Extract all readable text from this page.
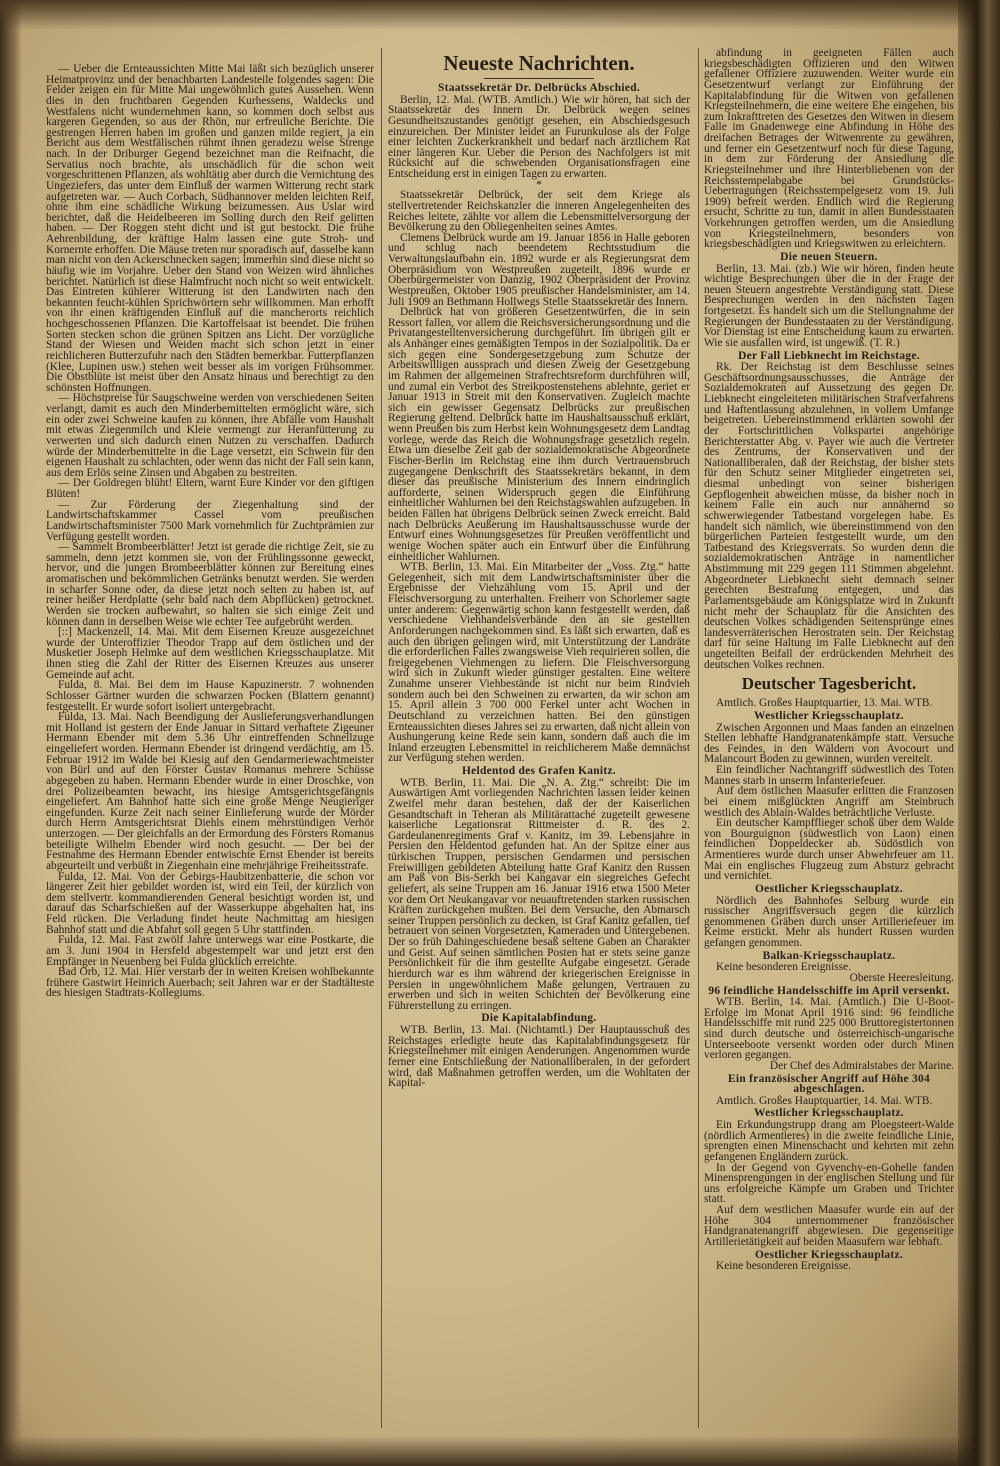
— Ueber die Ernteaussichten Mitte Mai läßt sich bezüglich unserer Heimatprovinz und der benachbarten Landesteile folgendes sagen: Die Felder zeigen ein für Mitte Mai ungewöhnlich gutes Aussehen. Wenn dies in den fruchtbaren Gegenden Kurhessens, Waldecks und Westfalens nicht wundernehmen kann, so kommen doch selbst aus kargeren Gegenden, so aus der Rhön, nur erfreuliche Berichte. Die gestrengen Herren haben im großen und ganzen milde regiert, ja ein Bericht aus dem Westfälischen rühmt ihnen geradezu weise Strenge nach. In der Driburger Gegend bezeichnet man die Reifnacht, die Servatius noch brachte, als unschädlich für die schon weit vorgeschrittenen Pflanzen, als wohltätig aber durch die Vernichtung des Ungeziefers, das unter dem Einfluß der warmen Witterung recht stark aufgetreten war. — Auch Corbach, Südhannover melden leichten Reif, ohne ihm eine schädliche Wirkung beizumessen. Aus Uslar wird berichtet, daß die Heidelbeeren im Solling durch den Reif gelitten haben. — Der Roggen steht dicht und ist gut bestockt. Die frühe Aehrenbildung, der kräftige Halm lassen eine gute Stroh- und Kornernte erhoffen. Die Mäuse treten nur sporadisch auf, dasselbe kann man nicht von den Ackerschnecken sagen; immerhin sind diese nicht so häufig wie im Vorjahre. Ueber den Stand von Weizen wird ähnliches berichtet. Natürlich ist diese Halmfrucht noch nicht so weit entwickelt. Das Eintreten kühlerer Witterung ist den Landwirten nach den bekannten feucht-kühlen Sprichwörtern sehr willkommen. Man erhofft von ihr einen kräftigenden Einfluß auf die mancherorts reichlich hochgeschossenen Pflanzen. Die Kartoffelsaat ist beendet. Die frühen Sorten stecken schon die grünen Spitzen ans Licht. Der vorzügliche Stand der Wiesen und Weiden macht sich schon jetzt in einer reichlicheren Butterzufuhr nach den Städten bemerkbar. Futterpflanzen (Klee, Lupinen usw.) stehen weit besser als im vorigen Frühsommer. Die Obstblüte ist meist über den Ansatz hinaus und berechtigt zu den schönsten Hoffnungen.

— Höchstpreise für Saugschweine werden von verschiedenen Seiten verlangt, damit es auch den Minderbemittelten ermöglicht wäre, sich ein oder zwei Schweine kaufen zu können, ihre Abfälle vom Haushalt mit etwas Ziegenmilch und Kleie vermengt zur Heranfütterung zu verwerten und sich dadurch einen Nutzen zu verschaffen. Dadurch würde der Minderbemittelte in die Lage versetzt, ein Schwein für den eigenen Haushalt zu schlachten, oder wenn das nicht der Fall sein kann, aus dem Erlös seine Zinsen und Abgaben zu bestreiten.

— Der Goldregen blüht! Eltern, warnt Eure Kinder vor den giftigen Blüten!

— Zur Förderung der Ziegenhaltung sind der Landwirtschaftskammer Cassel vom preußischen Landwirtschaftsminister 7500 Mark vornehmlich für Zuchtprämien zur Verfügung gestellt worden.

— Sammelt Brombeerblätter! Jetzt ist gerade die richtige Zeit, sie zu sammeln, denn jetzt kommen sie, von der Frühlingssonne geweckt, hervor, und die jungen Brombeerblätter können zur Bereitung eines aromatischen und bekömmlichen Getränks benutzt werden. Sie werden in scharfer Sonne oder, da diese jetzt noch selten zu haben ist, auf reiner heißer Herdplatte (sehr bald nach dem Abpflücken) getrocknet. Werden sie trocken aufbewahrt, so halten sie sich einige Zeit und können dann in derselben Weise wie echter Tee aufgebrüht werden.

[::] Mackenzell, 14. Mai. Mit dem Eisernen Kreuze ausgezeichnet wurde der Unteroffizier Theodor Trapp auf dem östlichen und der Musketier Joseph Helmke auf dem westlichen Kriegsschauplatze. Mit ihnen stieg die Zahl der Ritter des Eisernen Kreuzes aus unserer Gemeinde auf acht.

Fulda, 8. Mai. Bei dem im Hause Kapuzinerstr. 7 wohnenden Schlosser Gärtner wurden die schwarzen Pocken (Blattern genannt) festgestellt. Er wurde sofort isoliert untergebracht.

Fulda, 13. Mai. Nach Beendigung der Auslieferungsverhandlungen mit Holland ist gestern der Ende Januar in Sittard verhaftete Zigeuner Hermann Ebender mit dem 5.36 Uhr eintreffenden Schnellzuge eingeliefert worden. Hermann Ebender ist dringend verdächtig, am 15. Februar 1912 im Walde bei Kiesig auf den Gendarmeriewachtmeister von Bürl und auf den Förster Gustav Romanus mehrere Schüsse abgegeben zu haben. Hermann Ebender wurde in einer Droschke, von drei Polizeibeamten bewacht, ins hiesige Amtsgerichtsgefängnis eingeliefert. Am Bahnhof hatte sich eine große Menge Neugieriger eingefunden. Kurze Zeit nach seiner Einlieferung wurde der Mörder durch Herrn Amtsgerichtsrat Diehls einem mehrstündigen Verhör unterzogen. — Der gleichfalls an der Ermordung des Försters Romanus beteiligte Wilhelm Ebender wird noch gesucht. — Der bei der Festnahme des Hermann Ebender entwischte Ernst Ebender ist bereits abgeurteilt und verbüßt in Ziegenhain eine mehrjährige Freiheitsstrafe.

Fulda, 12. Mai. Von der Gebirgs-Haubitzenbatterie, die schon vor längerer Zeit hier gebildet worden ist, wird ein Teil, der kürzlich von dem stellvertr. kommandierenden General besichtigt worden ist, und darauf das Scharfschießen auf der Wasserkuppe abgehalten hat, ins Feld rücken. Die Verladung findet heute Nachmittag am hiesigen Bahnhof statt und die Abfahrt soll gegen 5 Uhr stattfinden.

Fulda, 12. Mai. Fast zwölf Jahre unterwegs war eine Postkarte, die am 3. Juni 1904 in Hersfeld abgestempelt war und jetzt erst den Empfänger in Neuenberg bei Fulda glücklich erreichte.

Bad Orb, 12. Mai. Hier verstarb der in weiten Kreisen wohlbekannte frühere Gastwirt Heinrich Auerbach; seit Jahren war er der Stadtälteste des hiesigen Stadtrats-Kollegiums.

Neueste Nachrichten.

Staatssekretär Dr. Delbrücks Abschied.

Berlin, 12. Mai. (WTB. Amtlich.) Wie wir hören, hat sich der Staatssekretär des Innern Dr. Delbrück wegen seines Gesundheitszustandes genötigt gesehen, ein Abschiedsgesuch einzureichen. Der Minister leidet an Furunkulose als der Folge einer leichten Zuckerkrankheit und bedarf nach ärztlichem Rat einer längeren Kur. Ueber die Person des Nachfolgers ist mit Rücksicht auf die schwebenden Organisationsfragen eine Entscheidung erst in einigen Tagen zu erwarten.

*

Staatssekretär Delbrück, der seit dem Kriege als stellvertretender Reichskanzler die inneren Angelegenheiten des Reiches leitete, zählte vor allem die Lebensmittelversorgung der Bevölkerung zu den Obliegenheiten seines Amtes.

Clemens Delbrück wurde am 19. Januar 1856 in Halle geboren und schlug nach beendetem Rechtsstudium die Verwaltungslaufbahn ein. 1892 wurde er als Regierungsrat dem Oberpräsidium von Westpreußen zugeteilt, 1896 wurde er Oberbürgermeister von Danzig, 1902 Oberpräsident der Provinz Westpreußen, Oktober 1905 preußischer Handelsminister, am 14. Juli 1909 an Bethmann Hollwegs Stelle Staatssekretär des Innern.

Delbrück hat von größeren Gesetzentwürfen, die in sein Ressort fallen, vor allem die Reichsversicherungsordnung und die Privatangestelltenversicherung durchgeführt. Im übrigen gilt er als Anhänger eines gemäßigten Tempos in der Sozialpolitik. Da er sich gegen eine Sondergesetzgebung zum Schutze der Arbeitswilligen aussprach und diesen Zweig der Gesetzgebung im Rahmen der allgemeinen Strafrechtsreform durchführen will, und zumal ein Verbot des Streikpostenstehens ablehnte, geriet er Januar 1913 in Streit mit den Konservativen. Zugleich machte sich ein gewisser Gegensatz Delbrücks zur preußischen Regierung geltend. Delbrück hatte im Haushaltsausschuß erklärt, wenn Preußen bis zum Herbst kein Wohnungsgesetz dem Landtag vorlege, werde das Reich die Wohnungsfrage gesetzlich regeln. Etwa um dieselbe Zeit gab der sozialdemokratische Abgeordnete Fischer-Berlin im Reichstag eine ihm durch Vertrauensbruch zugegangene Denkschrift des Staatssekretärs bekannt, in dem dieser das preußische Ministerium des Innern eindringlich aufforderte, seinen Widerspruch gegen die Einführung einheitlicher Wahlurnen bei den Reichstagswahlen aufzugeben. In beiden Fällen hat übrigens Delbrück seinen Zweck erreicht. Bald nach Delbrücks Aeußerung im Haushaltsausschusse wurde der Entwurf eines Wohnungsgesetzes für Preußen veröffentlicht und wenige Wochen später auch ein Entwurf über die Einführung einheitlicher Wahlurnen.

WTB. Berlin, 13. Mai. Ein Mitarbeiter der „Voss. Ztg.“ hatte Gelegenheit, sich mit dem Landwirtschaftsminister über die Ergebnisse der Viehzählung vom 15. April und der Fleischversorgung zu unterhalten. Freiherr von Schorlemer sagte unter anderem: Gegenwärtig schon kann festgestellt werden, daß verschiedene Viehhandelsverbände den an sie gestellten Anforderungen nachgekommen sind. Es läßt sich erwarten, daß es auch den übrigen gelingen wird, mit Unterstützung der Landräte die erforderlichen Falles zwangsweise Vieh requirieren sollen, die freigegebenen Viehmengen zu liefern. Die Fleischversorgung wird sich in Zukunft wieder günstiger gestalten. Eine weitere Zunahme unserer Viehbestände ist nicht nur beim Rindvieh sondern auch bei den Schweinen zu erwarten, da wir schon am 15. April allein 3 700 000 Ferkel unter acht Wochen in Deutschland zu verzeichnen hatten. Bei den günstigen Ernteaussichten dieses Jahres sei zu erwarten, daß nicht allein von Aushungerung keine Rede sein kann, sondern daß auch die im Inland erzeugten Lebensmittel in reichlicherem Maße demnächst zur Verfügung stehen werden.

Heldentod des Grafen Kanitz.

WTB. Berlin, 11. Mai. Die „N. A. Ztg.“ schreibt: Die im Auswärtigen Amt vorliegenden Nachrichten lassen leider keinen Zweifel mehr daran bestehen, daß der der Kaiserlichen Gesandtschaft in Teheran als Militärattaché zugeteilt gewesene kaiserliche Legationsrat Rittmeister d. R. des 2. Gardeulanenregiments Graf v. Kanitz, im 39. Lebensjahre in Persien den Heldentod gefunden hat. An der Spitze einer aus türkischen Truppen, persischen Gendarmen und persischen Freiwilligen gebildeten Abteilung hatte Graf Kanitz den Russen am Paß von Bis-Serkh bei Kangavar ein siegreiches Gefecht geliefert, als seine Truppen am 16. Januar 1916 etwa 1500 Meter vor dem Ort Neukangavar vor neuauftretenden starken russischen Kräften zurückgehen mußten. Bei dem Versuche, den Abmarsch seiner Truppen persönlich zu decken, ist Graf Kanitz gefallen, tief betrauert von seinen Vorgesetzten, Kameraden und Untergebenen. Der so früh Dahingeschiedene besaß seltene Gaben an Charakter und Geist. Auf seinen sämtlichen Posten hat er stets seine ganze Persönlichkeit für die ihm gestellte Aufgabe eingesetzt. Gerade hierdurch war es ihm während der kriegerischen Ereignisse in Persien in ungewöhnlichem Maße gelungen, Vertrauen zu erwerben und sich in weiten Schichten der Bevölkerung eine Führerstellung zu erringen.

Die Kapitalabfindung.

WTB. Berlin, 13. Mai. (Nichtamtl.) Der Hauptausschuß des Reichstages erledigte heute das Kapitalabfindungsgesetz für Kriegsteilnehmer mit einigen Aenderungen. Angenommen wurde ferner eine Entschließung der Nationalliberalen, in der gefordert wird, daß Maßnahmen getroffen werden, um die Wohltaten der Kapital-

abfindung in geeigneten Fällen auch kriegsbeschädigten Offizieren und den Witwen gefallener Offiziere zuzuwenden. Weiter wurde ein Gesetzentwurf verlangt zur Einführung der Kapitalabfindung für die Witwen von gefallenen Kriegsteilnehmern, die eine weitere Ehe eingehen, bis zum Inkrafttreten des Gesetzes den Witwen in diesem Falle im Gnadenwege eine Abfindung in Höhe des dreifachen Betrages der Witwenrente zu gewähren, und ferner ein Gesetzentwurf noch für diese Tagung, in dem zur Förderung der Ansiedlung die Kriegsteilnehmer und ihre Hinterbliebenen von der Reichsstempelabgabe bei Grundstücks-Uebertragungen (Reichsstempelgesetz vom 19. Juli 1909) befreit werden. Endlich wird die Regierung ersucht, Schritte zu tun, damit in allen Bundesstaaten Vorkehrungen getroffen werden, um die Ansiedlung von Kriegsteilnehmern, besonders von kriegsbeschädigten und Kriegswitwen zu erleichtern.

Die neuen Steuern.

Berlin, 13. Mai. (zb.) Wie wir hören, finden heute wichtige Besprechungen über die in der Frage der neuen Steuern angestrebte Verständigung statt. Diese Besprechungen werden in den nächsten Tagen fortgesetzt. Es handelt sich um die Stellungnahme der Regierungen der Bundesstaaten zu der Verständigung. Vor Dienstag ist eine Entscheidung kaum zu erwarten. Wie sie ausfallen wird, ist ungewiß. (T. R.)

Der Fall Liebknecht im Reichstage.

Rk. Der Reichstag ist dem Beschlusse seines Geschäftsordnungsausschusses, die Anträge der Sozialdemokraten auf Aussetzung des gegen Dr. Liebknecht eingeleiteten militärischen Strafverfahrens und Haftentlassung abzulehnen, in vollem Umfange beigetreten. Uebereinstimmend erklärten sowohl der der Fortschrittlichen Volkspartei angehörige Berichterstatter Abg. v. Payer wie auch die Vertreter des Zentrums, der Konservativen und der Nationalliberalen, daß der Reichstag, der bisher stets für den Schutz seiner Mitglieder eingetreten sei, diesmal unbedingt von seiner bisherigen Gepflogenheit abweichen müsse, da bisher noch in keinem Falle ein auch nur annähernd so schwerwiegender Tatbestand vorgelegen habe. Es handelt sich nämlich, wie übereinstimmend von den bürgerlichen Parteien festgestellt wurde, um den Tatbestand des Kriegsverrats. So wurden denn die sozialdemokratischen Anträge in namentlicher Abstimmung mit 229 gegen 111 Stimmen abgelehnt. Abgeordneter Liebknecht sieht demnach seiner gerechten Bestrafung entgegen, und das Parlamentsgebäude am Königsplatze wird in Zukunft nicht mehr der Schauplatz für die Ansichten des deutschen Volkes schädigenden Seitensprünge eines landesverräterischen Herostraten sein. Der Reichstag darf für seine Haltung im Falle Liebknecht auf den ungeteilten Beifall der erdrückenden Mehrheit des deutschen Volkes rechnen.

Deutscher Tagesbericht.

Amtlich. Großes Hauptquartier, 13. Mai. WTB.

Westlicher Kriegsschauplatz.

Zwischen Argonnen und Maas fanden an einzelnen Stellen lebhafte Handgranatenkämpfe statt. Versuche des Feindes, in den Wäldern von Avocourt und Malancourt Boden zu gewinnen, wurden vereitelt.

Ein feindlicher Nachtangriff südwestlich des Toten Mannes starb in unserm Infanteriefeuer.

Auf dem östlichen Maasufer erlitten die Franzosen bei einem mißglückten Angriff am Steinbruch westlich des Ablain-Waldes beträchtliche Verluste.

Ein deutscher Kampfflieger schoß über dem Walde von Bourguignon (südwestlich von Laon) einen feindlichen Doppeldecker ab. Südöstlich von Armentieres wurde durch unser Abwehrfeuer am 11. Mai ein englisches Flugzeug zum Absturz gebracht und vernichtet.

Oestlicher Kriegsschauplatz.

Nördlich des Bahnhofes Selburg wurde ein russischer Angriffsversuch gegen die kürzlich genommenen Gräben durch unser Artilleriefeuer im Keime erstickt. Mehr als hundert Russen wurden gefangen genommen.

Balkan-Kriegsschauplatz.

Keine besonderen Ereignisse.

Oberste Heeresleitung.

96 feindliche Handelsschiffe im April versenkt.

WTB. Berlin, 14. Mai. (Amtlich.) Die U-Boot-Erfolge im Monat April 1916 sind: 96 feindliche Handelsschiffe mit rund 225 000 Bruttoregistertonnen sind durch deutsche und österreichisch-ungarische Unterseeboote versenkt worden oder durch Minen verloren gegangen.

Der Chef des Admiralstabes der Marine.

Ein französischer Angriff auf Höhe 304 abgeschlagen.

Amtlich. Großes Hauptquartier, 14. Mai. WTB.

Westlicher Kriegsschauplatz.

Ein Erkundungstrupp drang am Ploegsteert-Walde (nördlich Armentieres) in die zweite feindliche Linie, sprengten einen Minenschacht und kehrten mit zehn gefangenen Engländern zurück.

In der Gegend von Gyvenchy-en-Gohelle fanden Minensprengungen in der englischen Stellung und für uns erfolgreiche Kämpfe um Graben und Trichter statt.

Auf dem westlichen Maasufer wurde ein auf der Höhe 304 unternommener französischer Handgranatenangriff abgewiesen. Die gegenseitige Artillerietätigkeit auf beiden Maasufern war lebhaft.

Oestlicher Kriegsschauplatz.

Keine besonderen Ereignisse.
